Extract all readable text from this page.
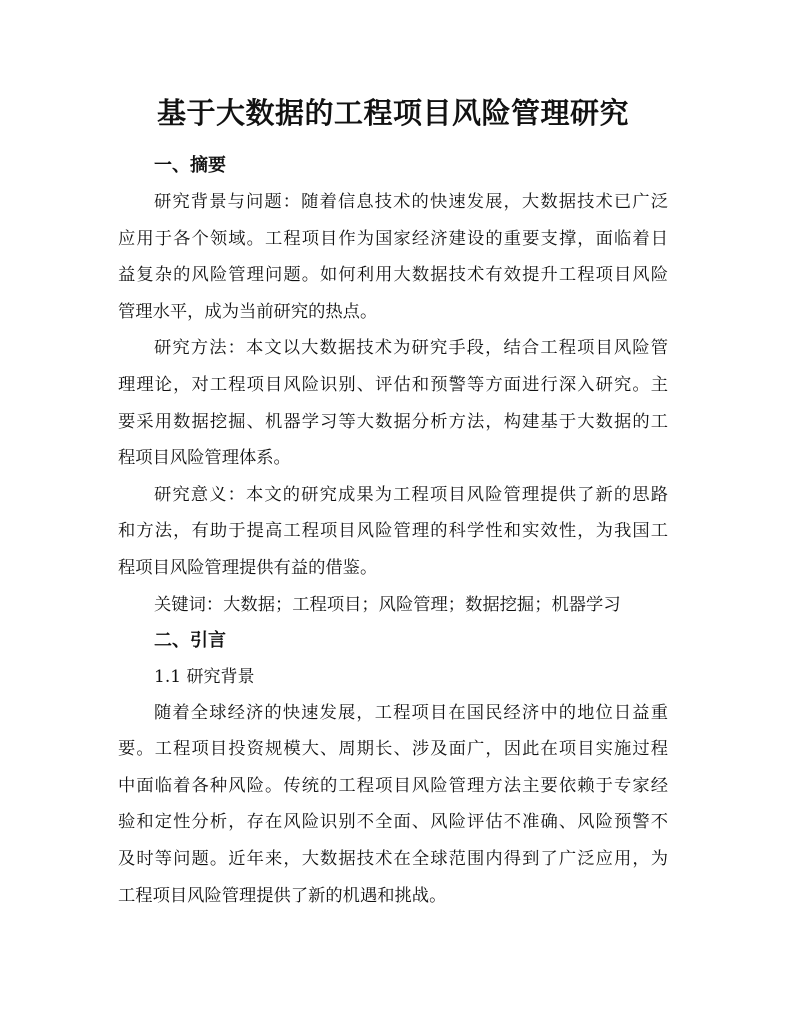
基于大数据的工程项目风险管理研究
一、摘要

研究背景与问题：随着信息技术的快速发展，大数据技术已广泛
应用于各个领域。工程项目作为国家经济建设的重要支撑，面临着日
益复杂的风险管理问题。如何利用大数据技术有效提升工程项目风险
管理水平，成为当前研究的热点。

研究方法：本文以大数据技术为研究手段，结合工程项目风险管
理理论，对工程项目风险识别、评估和预警等方面进行深入研究。主
要采用数据挖掘、机器学习等大数据分析方法，构建基于大数据的工
程项目风险管理体系。

研究意义：本文的研究成果为工程项目风险管理提供了新的思路
和方法，有助于提高工程项目风险管理的科学性和实效性，为我国工
程项目风险管理提供有益的借鉴。

关键词：大数据；工程项目；风险管理；数据挖掘；机器学习
二、引言
1.1 研究背景

随着全球经济的快速发展，工程项目在国民经济中的地位日益重
要。工程项目投资规模大、周期长、涉及面广，因此在项目实施过程
中面临着各种风险。传统的工程项目风险管理方法主要依赖于专家经
验和定性分析，存在风险识别不全面、风险评估不准确、风险预警不
及时等问题。近年来，大数据技术在全球范围内得到了广泛应用，为
工程项目风险管理提供了新的机遇和挑战。
